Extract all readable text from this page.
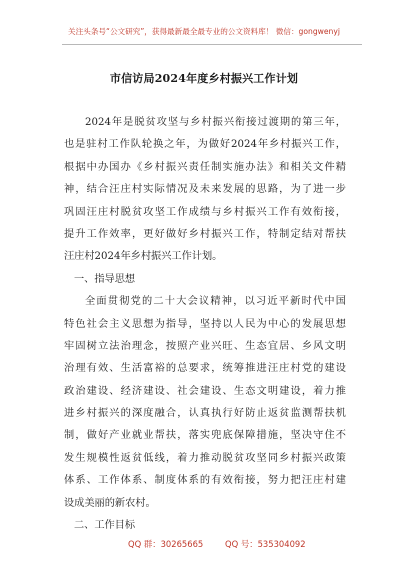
关注头条号“公文研究”，获得最新最全最专业的公文资料库！ 微信：gongwenyj
市信访局2024年度乡村振兴工作计划
2024年是脱贫攻坚与乡村振兴衔接过渡期的第三年，
也是驻村工作队轮换之年，为做好2024年乡村振兴工作，
根据中办国办《乡村振兴责任制实施办法》和相关文件精
神，结合汪庄村实际情况及未来发展的思路，为了进一步
巩固汪庄村脱贫攻坚工作成绩与乡村振兴工作有效衔接，
提升工作效率，更好做好乡村振兴工作，特制定结对帮扶
汪庄村2024年乡村振兴工作计划。
一、指导思想
全面贯彻党的二十大会议精神，以习近平新时代中国
特色社会主义思想为指导，坚持以人民为中心的发展思想
牢固树立法治理念，按照产业兴旺、生态宜居、乡风文明
治理有效、生活富裕的总要求，统筹推进汪庄村党的建设
政治建设、经济建设、社会建设、生态文明建设，着力推
进乡村振兴的深度融合，认真执行好防止返贫监测帮扶机
制，做好产业就业帮扶，落实兜底保障措施，坚决守住不
发生规模性返贫低线，着力推动脱贫攻坚同乡村振兴政策
体系、工作体系、制度体系的有效衔接，努力把汪庄村建
设成美丽的新农村。
二、工作目标
QQ 群：30265665	QQ 号：535304092
